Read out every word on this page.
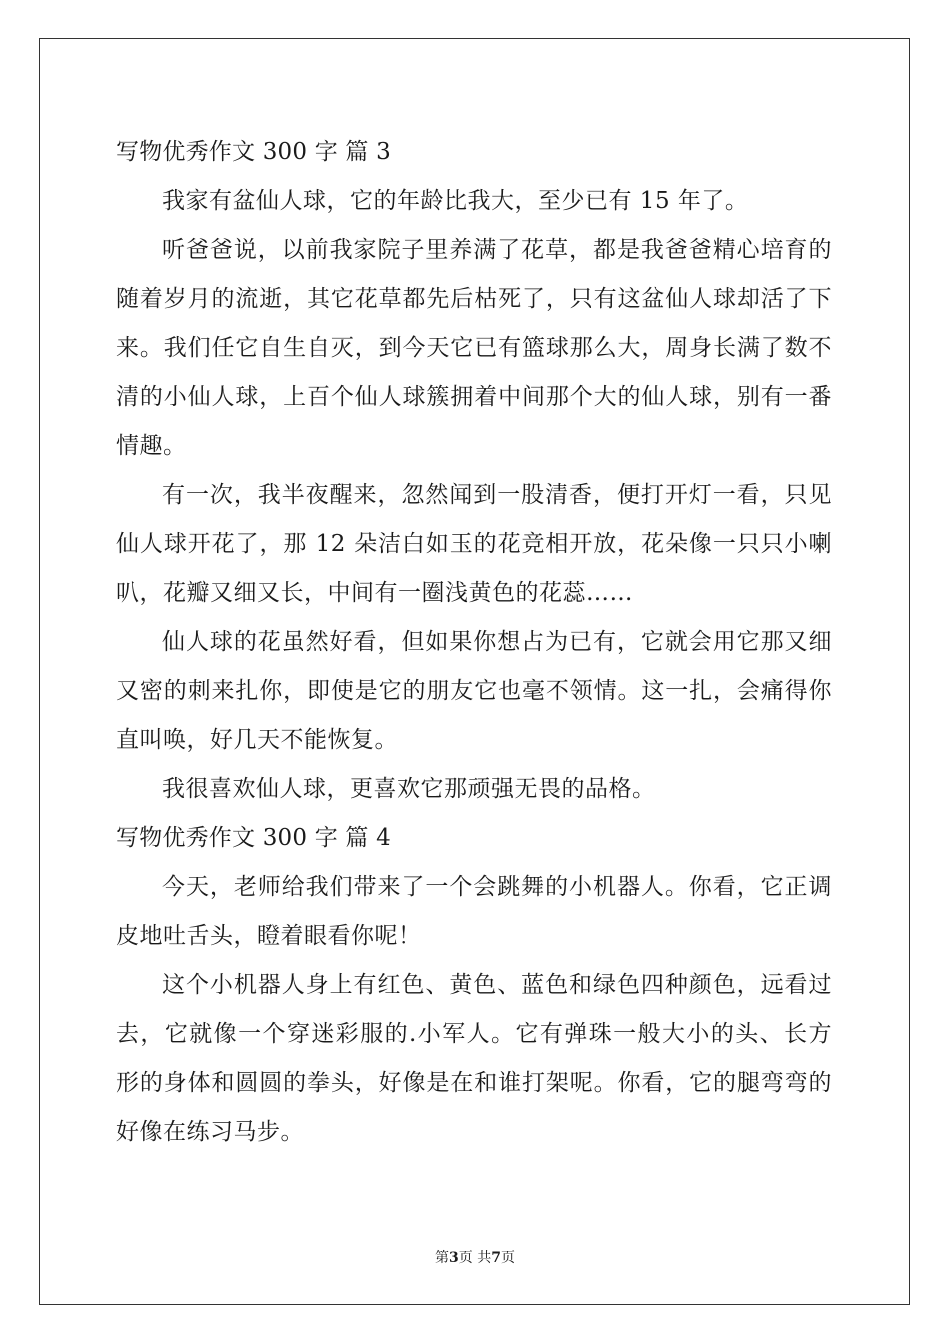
写物优秀作文 300 字 篇 3
我家有盆仙人球，它的年龄比我大，至少已有 15 年了。
听爸爸说，以前我家院子里养满了花草，都是我爸爸精心培育的
随着岁月的流逝，其它花草都先后枯死了，只有这盆仙人球却活了下
来。我们任它自生自灭，到今天它已有篮球那么大，周身长满了数不
清的小仙人球，上百个仙人球簇拥着中间那个大的仙人球，别有一番
情趣。
有一次，我半夜醒来，忽然闻到一股清香，便打开灯一看，只见
仙人球开花了，那 12 朵洁白如玉的花竞相开放，花朵像一只只小喇
叭，花瓣又细又长，中间有一圈浅黄色的花蕊……
仙人球的花虽然好看，但如果你想占为已有，它就会用它那又细
又密的刺来扎你，即使是它的朋友它也毫不领情。这一扎，会痛得你
直叫唤，好几天不能恢复。
我很喜欢仙人球，更喜欢它那顽强无畏的品格。
写物优秀作文 300 字 篇 4
今天，老师给我们带来了一个会跳舞的小机器人。你看，它正调
皮地吐舌头，瞪着眼看你呢！
这个小机器人身上有红色、黄色、蓝色和绿色四种颜色，远看过
去，它就像一个穿迷彩服的.小军人。它有弹珠一般大小的头、长方
形的身体和圆圆的拳头，好像是在和谁打架呢。你看，它的腿弯弯的
好像在练习马步。
第3页 共7页
